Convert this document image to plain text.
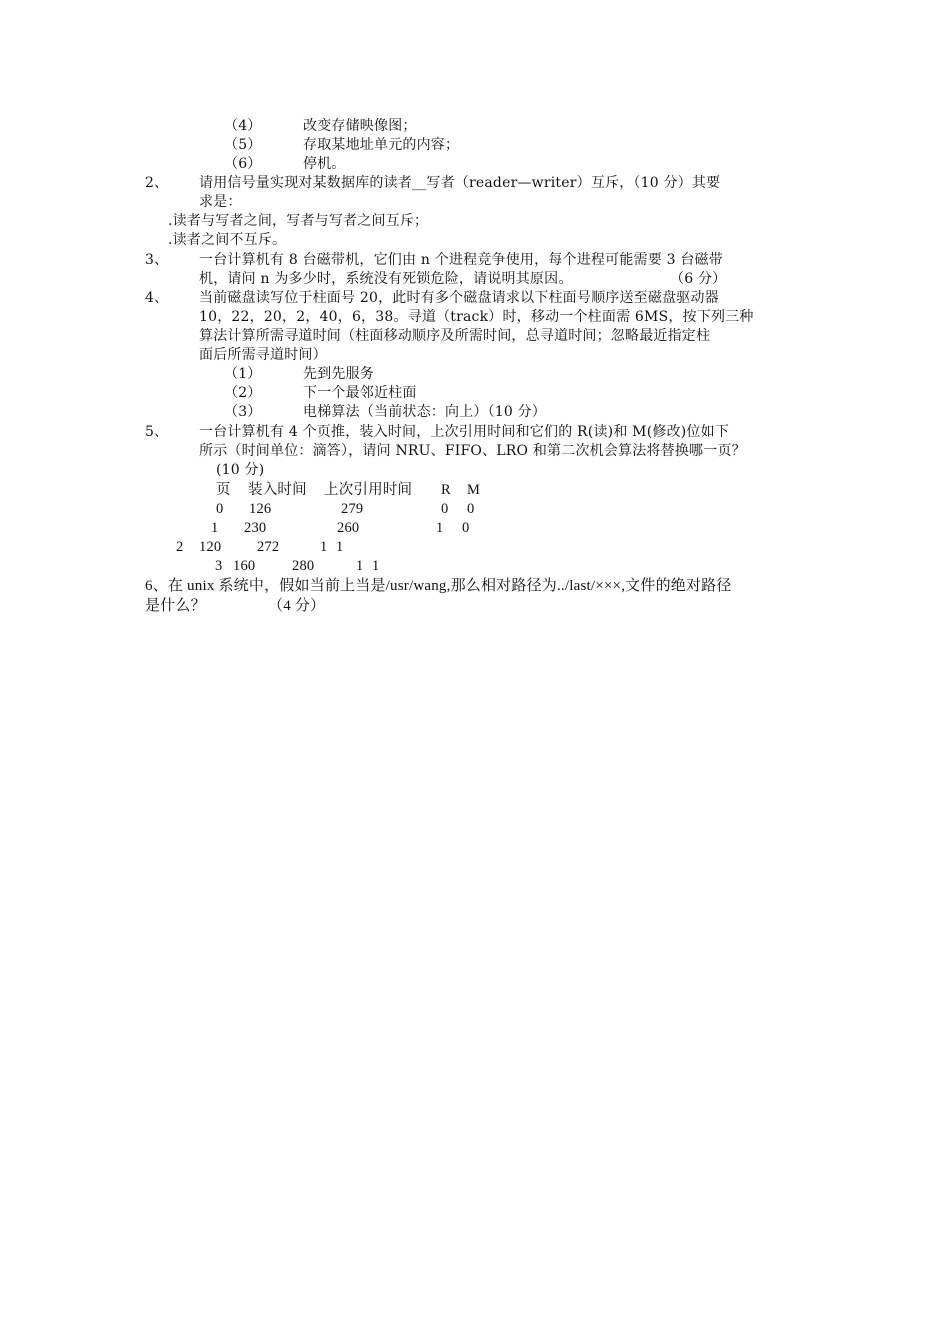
（4）	改变存储映像图；
（5）	存取某地址单元的内容；
（6）	停机。
2、 请用信号量实现对某数据库的读者__写者（reader—writer）互斥，（10 分）其要
求是：
.读者与写者之间，写者与写者之间互斥；
.读者之间不互斥。
3、 一台计算机有 8 台磁带机，它们由 n 个进程竞争使用，每个进程可能需要 3 台磁带
机，请问 n 为多少时，系统没有死锁危险，请说明其原因。	（6 分）
4、 当前磁盘读写位于柱面号 20，此时有多个磁盘请求以下柱面号顺序送至磁盘驱动器
10，22，20，2，40，6，38。寻道（track）时，移动一个柱面需 6MS，按下列三种
算法计算所需寻道时间（柱面移动顺序及所需时间，总寻道时间；忽略最近指定柱
面后所需寻道时间）
（1）	先到先服务
（2）	下一个最邻近柱面
（3）	电梯算法（当前状态：向上）（10 分）
5、 一台计算机有 4 个页推，装入时间，上次引用时间和它们的 R(读)和 M(修改)位如下
所示（时间单位：滴答），请问 NRU、FIFO、LRO 和第二次机会算法将替换哪一页？
(10 分)
页 装入时间 上次引用时间 R M
0 126	279	0 0
1 230	260	1 0
2 120 272	1 1
3 160	280	1 1
6、在 unix 系统中，假如当前上当是/usr/wang,那么相对路径为../last/×××,文件的绝对路径
是什么？	（4 分）
